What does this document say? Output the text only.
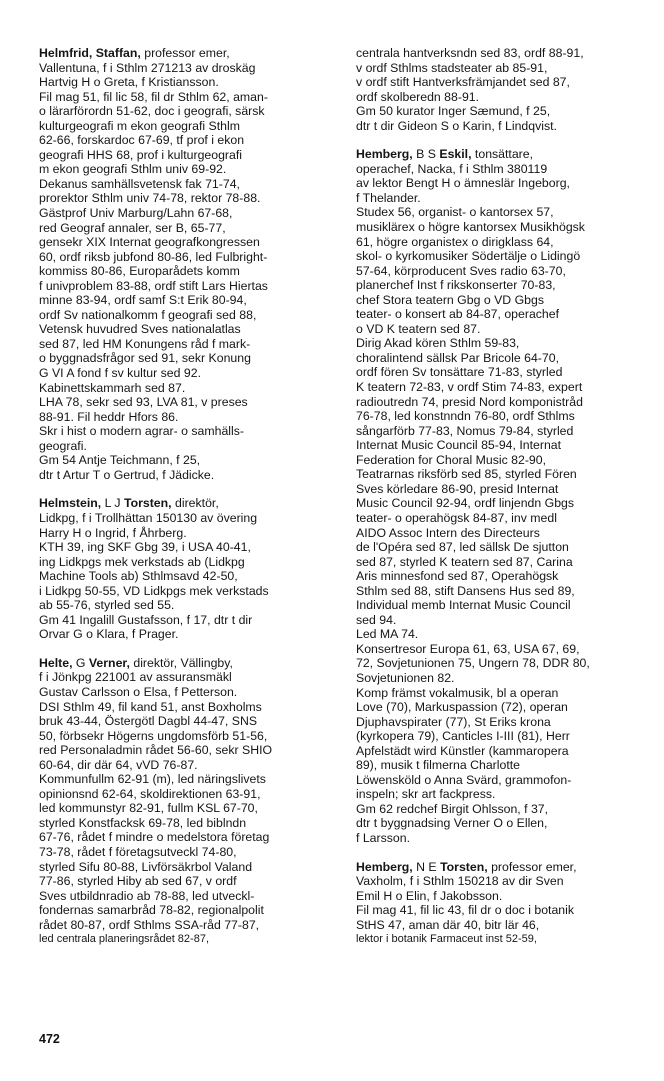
Helmfrid, Staffan, professor emer,
Vallentuna, f i Sthlm 271213 av droskäg
Hartvig H o Greta, f Kristiansson.
Fil mag 51, fil lic 58, fil dr Sthlm 62, aman-
o lärarförordn 51-62, doc i geografi, särsk
kulturgeografi m ekon geografi Sthlm
62-66, forskardoc 67-69, tf prof i ekon
geografi HHS 68, prof i kulturgeografi
m ekon geografi Sthlm univ 69-92.
Dekanus samhällsvetensk fak 71-74,
prorektor Sthlm univ 74-78, rektor 78-88.
Gästprof Univ Marburg/Lahn 67-68,
red Geograf annaler, ser B, 65-77,
gensekr XIX Internat geografkongressen
60, ordf riksb jubfond 80-86, led Fulbright-
kommiss 80-86, Europarådets komm
f univproblem 83-88, ordf stift Lars Hiertas
minne 83-94, ordf samf S:t Erik 80-94,
ordf Sv nationalkomm f geografi sed 88,
Vetensk huvudred Sves nationalatlas
sed 87, led HM Konungens råd f mark-
o byggnadsfrågor sed 91, sekr Konung
G VI A fond f sv kultur sed 92.
Kabinettskammarh sed 87.
LHA 78, sekr sed 93, LVA 81, v preses
88-91. Fil heddr Hfors 86.
Skr i hist o modern agrar- o samhälls-
geografi.
Gm 54 Antje Teichmann, f 25,
dtr t Artur T o Gertrud, f Jädicke.
Helmstein, L J Torsten, direktör,
Lidkpg, f i Trollhättan 150130 av övering
Harry H o Ingrid, f Åhrberg.
KTH 39, ing SKF Gbg 39, i USA 40-41,
ing Lidkpgs mek verkstads ab (Lidkpg
Machine Tools ab) Sthlmsavd 42-50,
i Lidkpg 50-55, VD Lidkpgs mek verkstads
ab 55-76, styrled sed 55.
Gm 41 Ingalill Gustafsson, f 17, dtr t dir
Orvar G o Klara, f Prager.
Helte, G Verner, direktör, Vällingby,
f i Jönkpg 221001 av assuransmäkl
Gustav Carlsson o Elsa, f Petterson.
DSI Sthlm 49, fil kand 51, anst Boxholms
bruk 43-44, Östergötl Dagbl 44-47, SNS
50, förbsekr Högerns ungdomsförb 51-56,
red Personaladmin rådet 56-60, sekr SHIO
60-64, dir där 64, vVD 76-87.
Kommunfullm 62-91 (m), led näringslivets
opinionsnd 62-64, skoldirektionen 63-91,
led kommunstyr 82-91, fullm KSL 67-70,
styrled Konstfacksk 69-78, led biblndn
67-76, rådet f mindre o medelstora företag
73-78, rådet f företagsutveckl 74-80,
styrled Sifu 80-88, Livförsäkrbol Valand
77-86, styrled Hiby ab sed 67, v ordf
Sves utbildnradio ab 78-88, led utveckl-
fondernas samarbråd 78-82, regionalpolit
rådet 80-87, ordf Sthlms SSA-råd 77-87,
led centrala planeringsrådet 82-87,
centrala hantverksndn sed 83, ordf 88-91,
v ordf Sthlms stadsteater ab 85-91,
v ordf stift Hantverksfrämjandet sed 87,
ordf skolberedn 88-91.
Gm 50 kurator Inger Sæmund, f 25,
dtr t dir Gideon S o Karin, f Lindqvist.
Hemberg, B S Eskil, tonsättare,
operachef, Nacka, f i Sthlm 380119
av lektor Bengt H o ämneslär Ingeborg,
f Thelander.
Studex 56, organist- o kantorsex 57,
musiklärex o högre kantorsex Musikhögsk
61, högre organistex o dirigklass 64,
skol- o kyrkomusiker Södertälje o Lidingö
57-64, körproducent Sves radio 63-70,
planerchef Inst f rikskonserter 70-83,
chef Stora teatern Gbg o VD Gbgs
teater- o konsert ab 84-87, operachef
o VD K teatern sed 87.
Dirig Akad kören Sthlm 59-83,
choralintend sällsk Par Bricole 64-70,
ordf fören Sv tonsättare 71-83, styrled
K teatern 72-83, v ordf Stim 74-83, expert
radioutredn 74, presid Nord komponistråd
76-78, led konstnndn 76-80, ordf Sthlms
sångarförb 77-83, Nomus 79-84, styrled
Internat Music Council 85-94, Internat
Federation for Choral Music 82-90,
Teatrarnas riksförb sed 85, styrled Fören
Sves körledare 86-90, presid Internat
Music Council 92-94, ordf linjendn Gbgs
teater- o operahögsk 84-87, inv medl
AIDO Assoc Intern des Directeurs
de l'Opéra sed 87, led sällsk De sjutton
sed 87, styrled K teatern sed 87, Carina
Aris minnesfond sed 87, Operahögsk
Sthlm sed 88, stift Dansens Hus sed 89,
Individual memb Internat Music Council
sed 94.
Led MA 74.
Konsertresor Europa 61, 63, USA 67, 69,
72, Sovjetunionen 75, Ungern 78, DDR 80,
Sovjetunionen 82.
Komp främst vokalmusik, bl a operan
Love (70), Markuspassion (72), operan
Djuphavspirater (77), St Eriks krona
(kyrkopera 79), Canticles I-III (81), Herr
Apfelstädt wird Künstler (kammaropera
89), musik t filmerna Charlotte
Löwensköld o Anna Svärd, grammofon-
inspeln; skr art fackpress.
Gm 62 redchef Birgit Ohlsson, f 37,
dtr t byggnadsing Verner O o Ellen,
f Larsson.
Hemberg, N E Torsten, professor emer,
Vaxholm, f i Sthlm 150218 av dir Sven
Emil H o Elin, f Jakobsson.
Fil mag 41, fil lic 43, fil dr o doc i botanik
StHS 47, aman där 40, bitr lär 46,
lektor i botanik Farmaceut inst 52-59,
472
